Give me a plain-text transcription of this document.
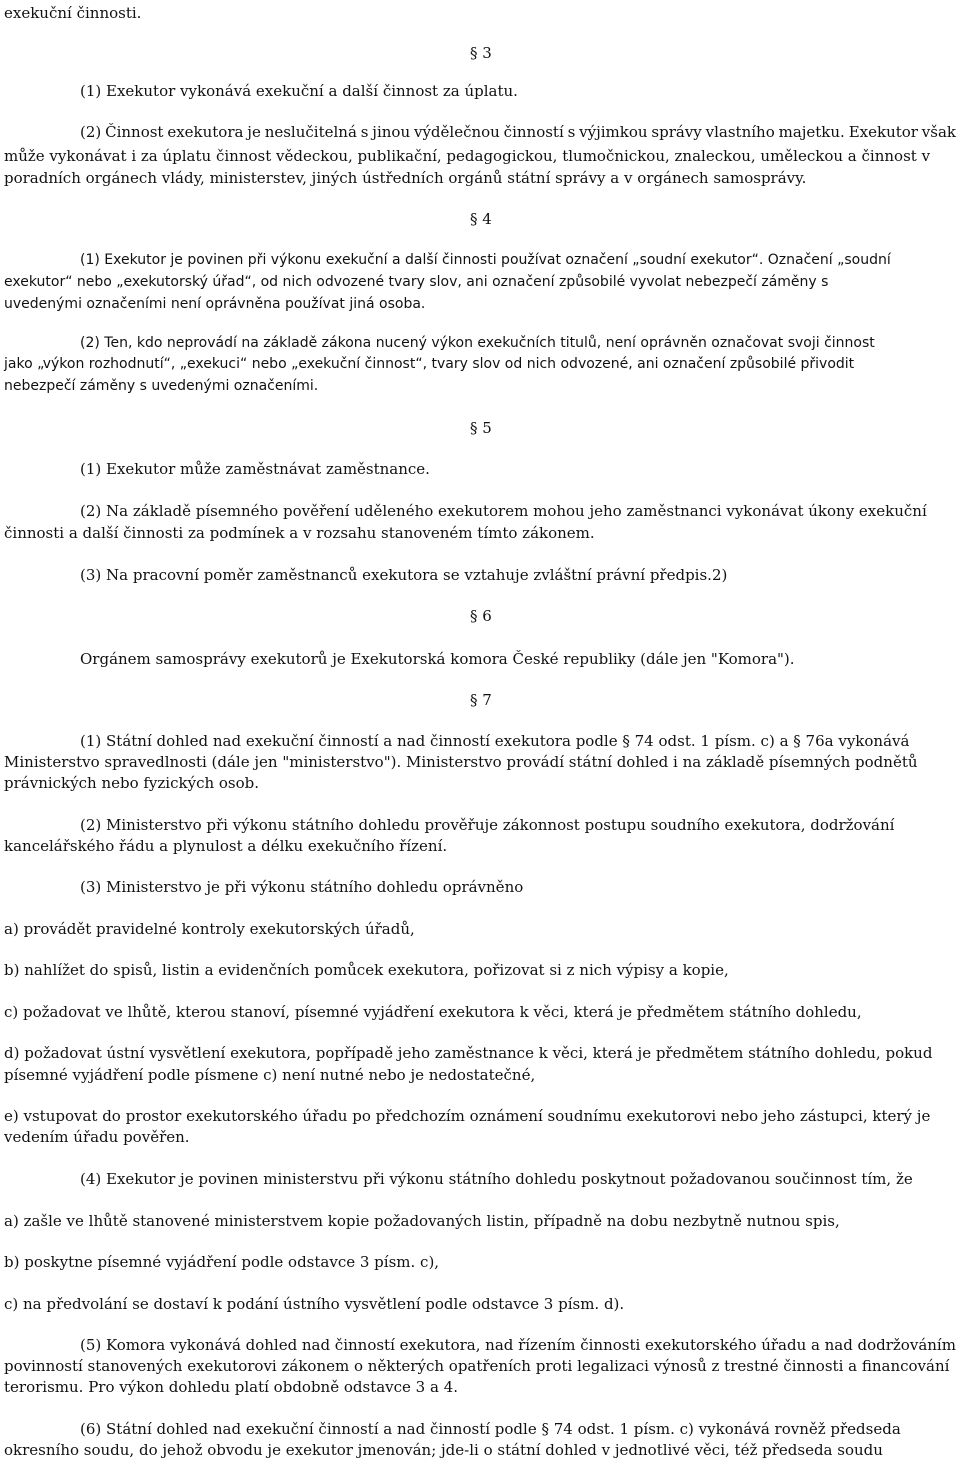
exekuční činnosti.
§ 3
(1) Exekutor vykonává exekuční a další činnost za úplatu.
(2) Činnost exekutora je neslučitelná s jinou výdělečnou činností s výjimkou správy vlastního majetku. Exekutor však
může vykonávat i za úplatu činnost vědeckou, publikační, pedagogickou, tlumočnickou, znaleckou, uměleckou a činnost v
poradních orgánech vlády, ministerstev, jiných ústředních orgánů státní správy a v orgánech samosprávy.
§ 4
(1) Exekutor je povinen při výkonu exekuční a další činnosti používat označení „soudní exekutor“. Označení „soudní
exekutor“ nebo „exekutorský úřad“, od nich odvozené tvary slov, ani označení způsobilé vyvolat nebezpečí záměny s
uvedenými označeními není oprávněna používat jiná osoba.
(2) Ten, kdo neprovádí na základě zákona nucený výkon exekučních titulů, není oprávněn označovat svoji činnost
jako „výkon rozhodnutí“, „exekuci“ nebo „exekuční činnost“, tvary slov od nich odvozené, ani označení způsobilé přivodit
nebezpečí záměny s uvedenými označeními.
§ 5
(1) Exekutor může zaměstnávat zaměstnance.
(2) Na základě písemného pověření uděleného exekutorem mohou jeho zaměstnanci vykonávat úkony exekuční
činnosti a další činnosti za podmínek a v rozsahu stanoveném tímto zákonem.
(3) Na pracovní poměr zaměstnanců exekutora se vztahuje zvláštní právní předpis.2)
§ 6
Orgánem samosprávy exekutorů je Exekutorská komora České republiky (dále jen "Komora").
§ 7
(1) Státní dohled nad exekuční činností a nad činností exekutora podle § 74 odst. 1 písm. c) a § 76a vykonává
Ministerstvo spravedlnosti (dále jen "ministerstvo"). Ministerstvo provádí státní dohled i na základě písemných podnětů
právnických nebo fyzických osob.
(2) Ministerstvo při výkonu státního dohledu prověřuje zákonnost postupu soudního exekutora, dodržování
kancelářského řádu a plynulost a délku exekučního řízení.
(3) Ministerstvo je při výkonu státního dohledu oprávněno
a) provádět pravidelné kontroly exekutorských úřadů,
b) nahlížet do spisů, listin a evidenčních pomůcek exekutora, pořizovat si z nich výpisy a kopie,
c) požadovat ve lhůtě, kterou stanoví, písemné vyjádření exekutora k věci, která je předmětem státního dohledu,
d) požadovat ústní vysvětlení exekutora, popřípadě jeho zaměstnance k věci, která je předmětem státního dohledu, pokud
písemné vyjádření podle písmene c) není nutné nebo je nedostatečné,
e) vstupovat do prostor exekutorského úřadu po předchozím oznámení soudnímu exekutorovi nebo jeho zástupci, který je
vedením úřadu pověřen.
(4) Exekutor je povinen ministerstvu při výkonu státního dohledu poskytnout požadovanou součinnost tím, že
a) zašle ve lhůtě stanovené ministerstvem kopie požadovaných listin, případně na dobu nezbytně nutnou spis,
b) poskytne písemné vyjádření podle odstavce 3 písm. c),
c) na předvolání se dostaví k podání ústního vysvětlení podle odstavce 3 písm. d).
(5) Komora vykonává dohled nad činností exekutora, nad řízením činnosti exekutorského úřadu a nad dodržováním
povinností stanovených exekutorovi zákonem o některých opatřeních proti legalizaci výnosů z trestné činnosti a financování
terorismu. Pro výkon dohledu platí obdobně odstavce 3 a 4.
(6) Státní dohled nad exekuční činností a nad činností podle § 74 odst. 1 písm. c) vykonává rovněž předseda
okresního soudu, do jehož obvodu je exekutor jmenován; jde-li o státní dohled v jednotlivé věci, též předseda soudu
